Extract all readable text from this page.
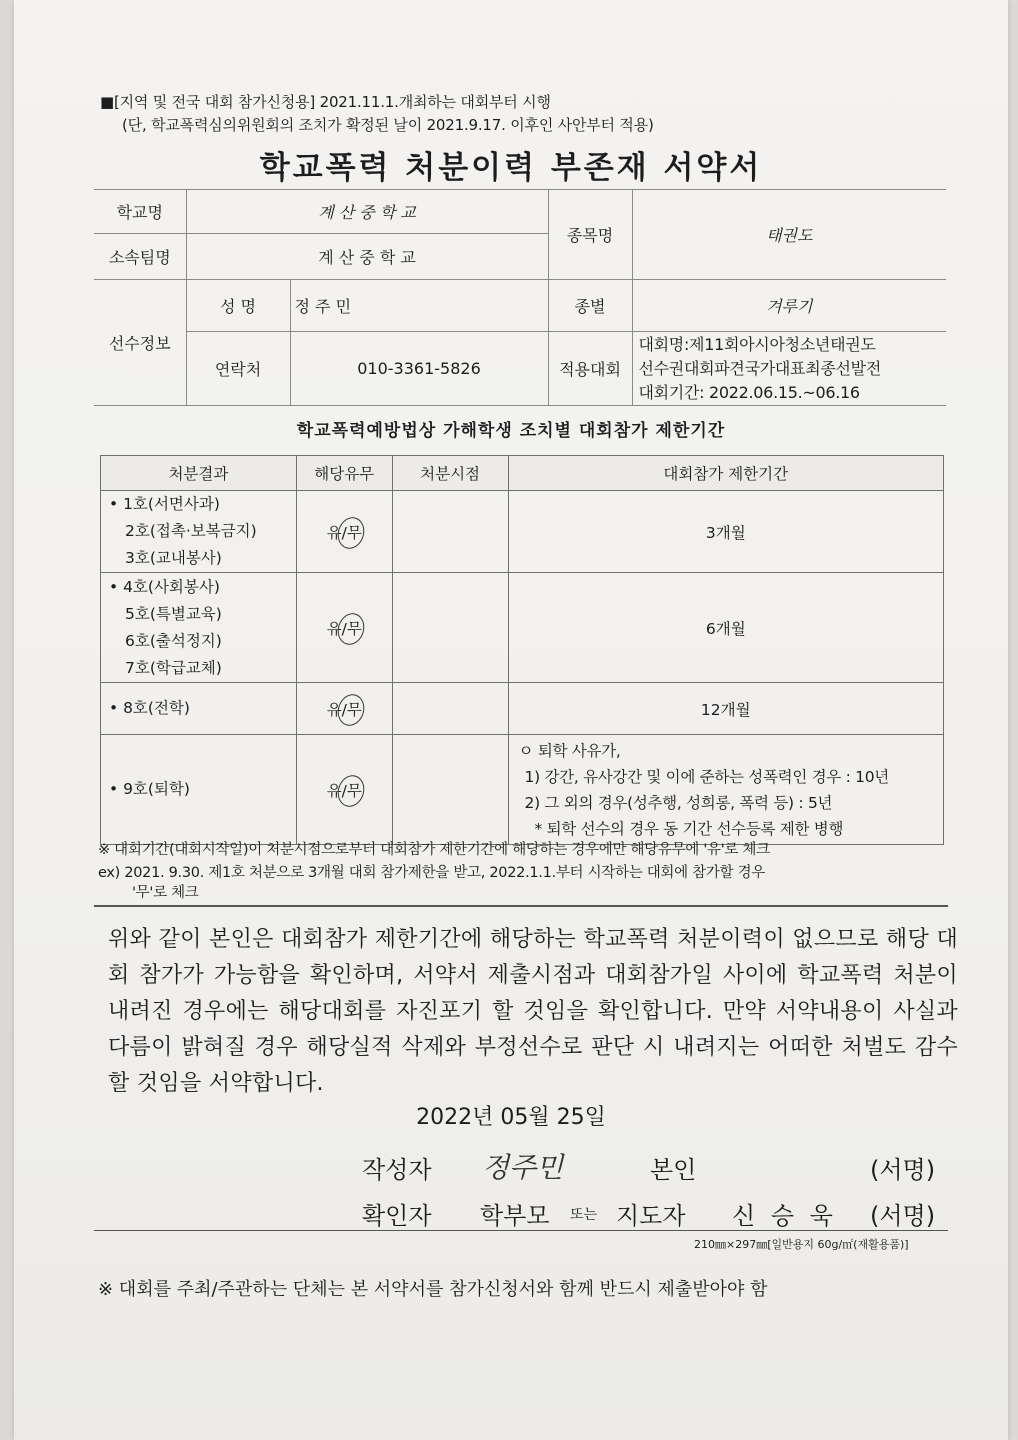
■[지역 및 전국 대회 참가신청용] 2021.11.1.개최하는 대회부터 시행
(단, 학교폭력심의위원회의 조치가 확정된 날이 2021.9.17. 이후인 사안부터 적용)
학교폭력 처분이력 부존재 서약서
학교명	계 산 중 학 교		종목명	태권도
소속팀명	계 산 중 학 교			
선수정보	성 명	정 주 민	종별	겨루기
	연락처	010-3361-5826	적용대회	대회명:제11회아시아청소년태권도
선수권대회파견국가대표최종선발전
대회기간: 2022.06.15.~06.16
학교폭력예방법상 가해학생 조치별 대회참가 제한기간
처분결과	해당유무	처분시점	대회참가 제한기간

• 1호(서면사과)
2호(접촉·보복금지)
3호(교내봉사)	유/무		3개월

• 4호(사회봉사)
5호(특별교육)
6호(출석정지)
7호(학급교체)	유/무		6개월

• 8호(전학)	유/무		12개월

• 9호(퇴학)	유/무		ㅇ 퇴학 사유가,
1) 강간, 유사강간 및 이에 준하는 성폭력인 경우 : 10년
2) 그 외의 경우(성추행, 성희롱, 폭력 등) : 5년
* 퇴학 선수의 경우 동 기간 선수등록 제한 병행
※ 대회기간(대회시작일)이 처분시점으로부터 대회참가 제한기간에 해당하는 경우에만 해당유무에 '유'로 체크
ex) 2021. 9.30. 제1호 처분으로 3개월 대회 참가제한을 받고, 2022.1.1.부터 시작하는 대회에 참가할 경우
'무'로 체크
위와 같이 본인은 대회참가 제한기간에 해당하는 학교폭력 처분이력이 없으므로 해당 대회 참가가 가능함을 확인하며, 서약서 제출시점과 대회참가일 사이에 학교폭력 처분이 내려진 경우에는 해당대회를 자진포기 할 것임을 확인합니다. 만약 서약내용이 사실과 다름이 밝혀질 경우 해당실적 삭제와 부정선수로 판단 시 내려지는 어떠한 처벌도 감수할 것임을 서약합니다.
2022년 05월 25일
작성자 정주민	본인	(서명)
확인자 학부모 또는 지도자 신 승 욱 (서명)
210㎜×297㎜[일반용지 60g/㎡(재활용품)]
※ 대회를 주최/주관하는 단체는 본 서약서를 참가신청서와 함께 반드시 제출받아야 함
